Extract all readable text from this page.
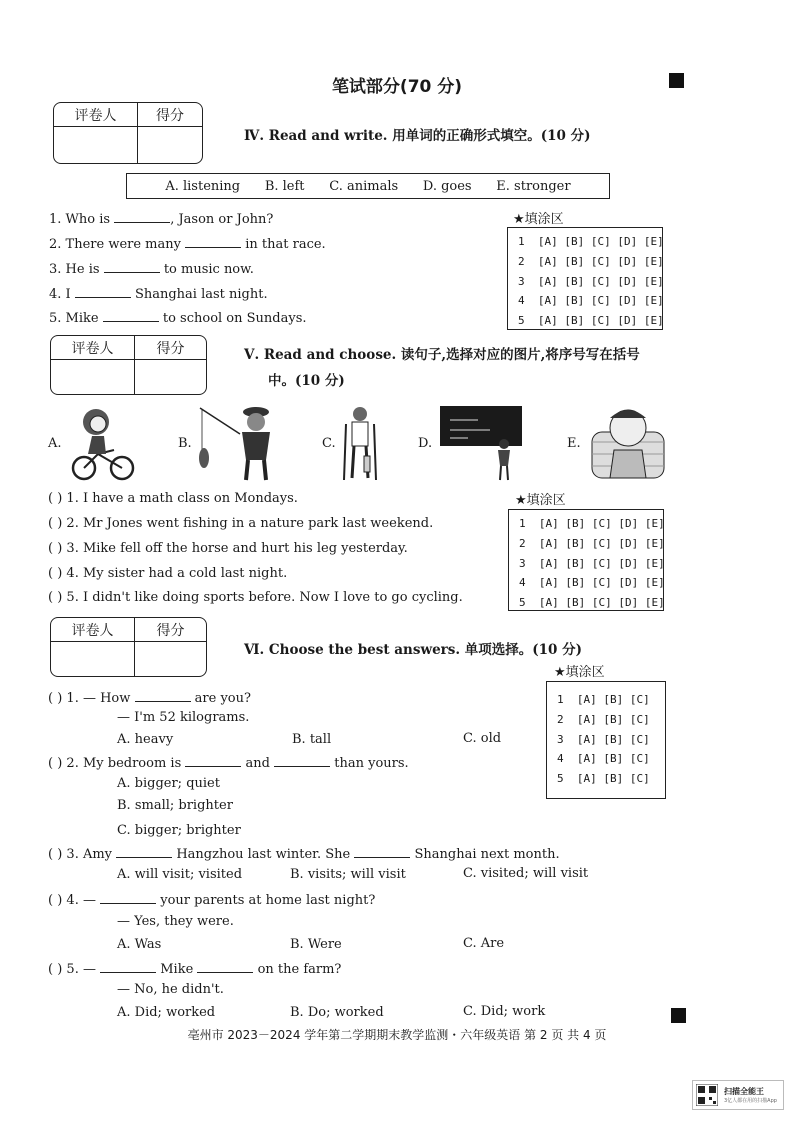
笔试部分(70 分)
评卷人	得分
Ⅳ. Read and write. 用单词的正确形式填空。(10 分)
A. listening B. left C. animals D. goes E. stronger
1. Who is	, Jason or John?
2. There were many	in that race.
3. He is	to music now.
4. I	Shanghai last night.
5. Mike	to school on Sundays.
★填涂区
1  [A] [B] [C] [D] [E]
2  [A] [B] [C] [D] [E]
3  [A] [B] [C] [D] [E]
4  [A] [B] [C] [D] [E]
5  [A] [B] [C] [D] [E]
评卷人	得分	Ⅴ. Read and choose. 读句子,选择对应的图片,将序号写在括号
中。(10 分)
A.	B.	C.	D.	E.
( ) 1. I have a math class on Mondays.
( ) 2. Mr Jones went fishing in a nature park last weekend.
( ) 3. Mike fell off the horse and hurt his leg yesterday.
( ) 4. My sister had a cold last night.
( ) 5. I didn't like doing sports before. Now I love to go cycling.
★填涂区
1  [A] [B] [C] [D] [E]
2  [A] [B] [C] [D] [E]
3  [A] [B] [C] [D] [E]
4  [A] [B] [C] [D] [E]
5  [A] [B] [C] [D] [E]
评卷人	得分
Ⅵ. Choose the best answers. 单项选择。(10 分)
★填涂区
1  [A] [B] [C]
2  [A] [B] [C]
3  [A] [B] [C]
4  [A] [B] [C]
5  [A] [B] [C]
( ) 1. — How	are you?
— I'm 52 kilograms.
A. heavy	B. tall	C. old
( ) 2. My bedroom is	and	than yours.
A. bigger; quiet
B. small; brighter
C. bigger; brighter
( ) 3. Amy	Hangzhou last winter. She	Shanghai next month.
A. will visit; visited	B. visits; will visit	C. visited; will visit
( ) 4. —	your parents at home last night?
— Yes, they were.
A. Was	B. Were	C. Are
( ) 5. —	Mike	on the farm?
— No, he didn't.
A. Did; worked	B. Do; worked	C. Did; work
亳州市 2023－2024 学年第二学期期末教学监测・六年级英语 第 2 页 共 4 页
扫描全能王
3亿人都在用的扫描App
